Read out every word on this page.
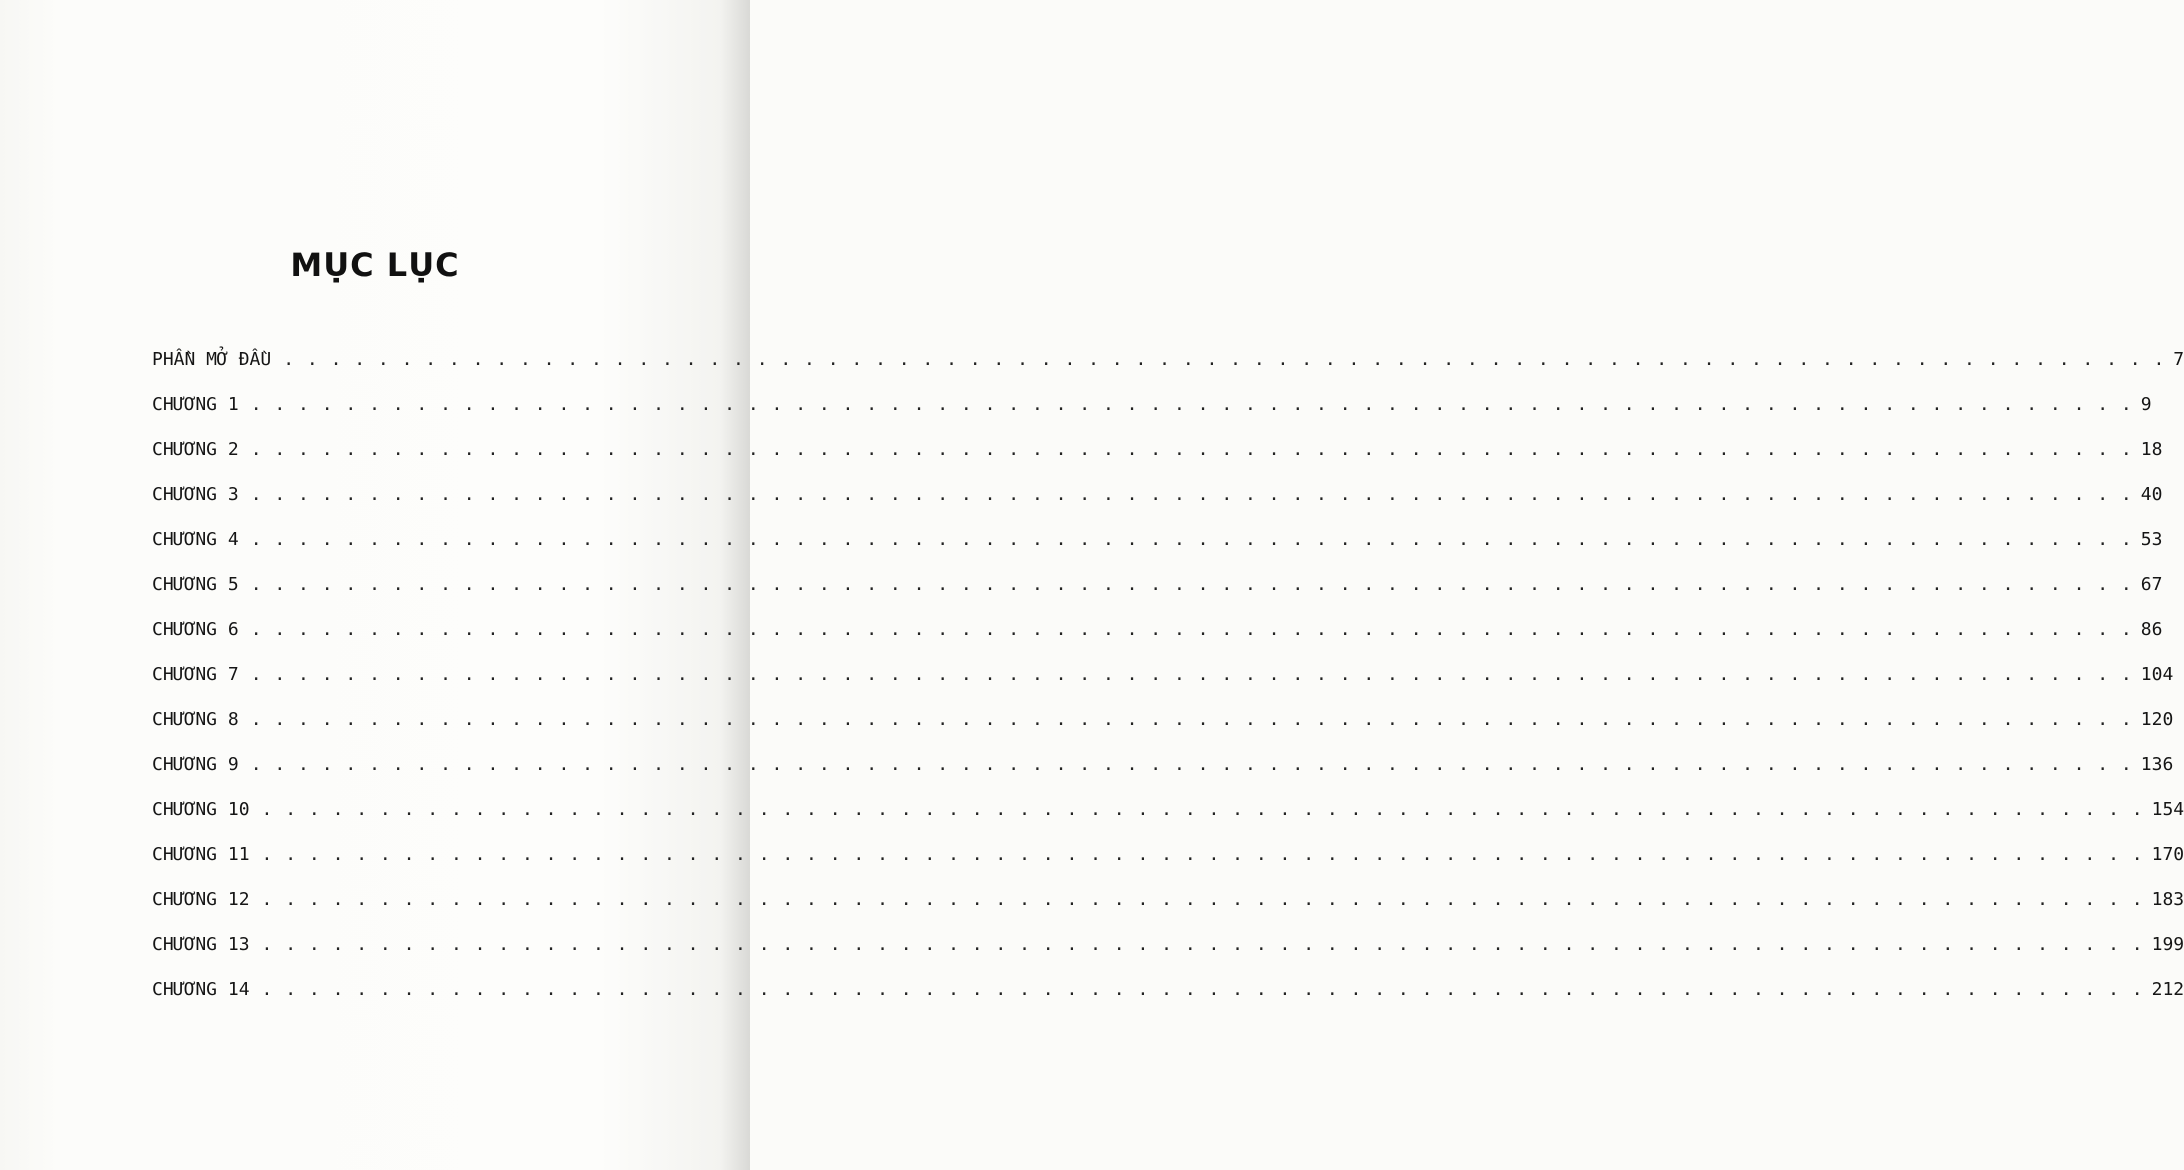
MỤC LỤC
PHẦN MỞ ĐẦU . . . . . . . . . . . . . . . . . . . . . . . . . . . . . . . . . . . . . . . . . . . . . . . . . . . . . . . . . . . . . . . . . . . . . . . . . . . . . . . . 7
CHƯƠNG 1 . . . . . . . . . . . . . . . . . . . . . . . . . . . . . . . . . . . . . . . . . . . . . . . . . . . . . . . . . . . . . . . . . . . . . . . . . . . . . . . . 9
CHƯƠNG 2 . . . . . . . . . . . . . . . . . . . . . . . . . . . . . . . . . . . . . . . . . . . . . . . . . . . . . . . . . . . . . . . . . . . . . . . . . . . . . . . . 18
CHƯƠNG 3 . . . . . . . . . . . . . . . . . . . . . . . . . . . . . . . . . . . . . . . . . . . . . . . . . . . . . . . . . . . . . . . . . . . . . . . . . . . . . . . . 40
CHƯƠNG 4 . . . . . . . . . . . . . . . . . . . . . . . . . . . . . . . . . . . . . . . . . . . . . . . . . . . . . . . . . . . . . . . . . . . . . . . . . . . . . . . . 53
CHƯƠNG 5 . . . . . . . . . . . . . . . . . . . . . . . . . . . . . . . . . . . . . . . . . . . . . . . . . . . . . . . . . . . . . . . . . . . . . . . . . . . . . . . . 67
CHƯƠNG 6 . . . . . . . . . . . . . . . . . . . . . . . . . . . . . . . . . . . . . . . . . . . . . . . . . . . . . . . . . . . . . . . . . . . . . . . . . . . . . . . . 86
CHƯƠNG 7 . . . . . . . . . . . . . . . . . . . . . . . . . . . . . . . . . . . . . . . . . . . . . . . . . . . . . . . . . . . . . . . . . . . . . . . . . . . . . . . . 104
CHƯƠNG 8 . . . . . . . . . . . . . . . . . . . . . . . . . . . . . . . . . . . . . . . . . . . . . . . . . . . . . . . . . . . . . . . . . . . . . . . . . . . . . . . . 120
CHƯƠNG 9 . . . . . . . . . . . . . . . . . . . . . . . . . . . . . . . . . . . . . . . . . . . . . . . . . . . . . . . . . . . . . . . . . . . . . . . . . . . . . . . . 136
CHƯƠNG 10 . . . . . . . . . . . . . . . . . . . . . . . . . . . . . . . . . . . . . . . . . . . . . . . . . . . . . . . . . . . . . . . . . . . . . . . . . . . . . . . . 154
CHƯƠNG 11 . . . . . . . . . . . . . . . . . . . . . . . . . . . . . . . . . . . . . . . . . . . . . . . . . . . . . . . . . . . . . . . . . . . . . . . . . . . . . . . . 170
CHƯƠNG 12 . . . . . . . . . . . . . . . . . . . . . . . . . . . . . . . . . . . . . . . . . . . . . . . . . . . . . . . . . . . . . . . . . . . . . . . . . . . . . . . . 183
CHƯƠNG 13 . . . . . . . . . . . . . . . . . . . . . . . . . . . . . . . . . . . . . . . . . . . . . . . . . . . . . . . . . . . . . . . . . . . . . . . . . . . . . . . . 199
CHƯƠNG 14 . . . . . . . . . . . . . . . . . . . . . . . . . . . . . . . . . . . . . . . . . . . . . . . . . . . . . . . . . . . . . . . . . . . . . . . . . . . . . . . . 212
